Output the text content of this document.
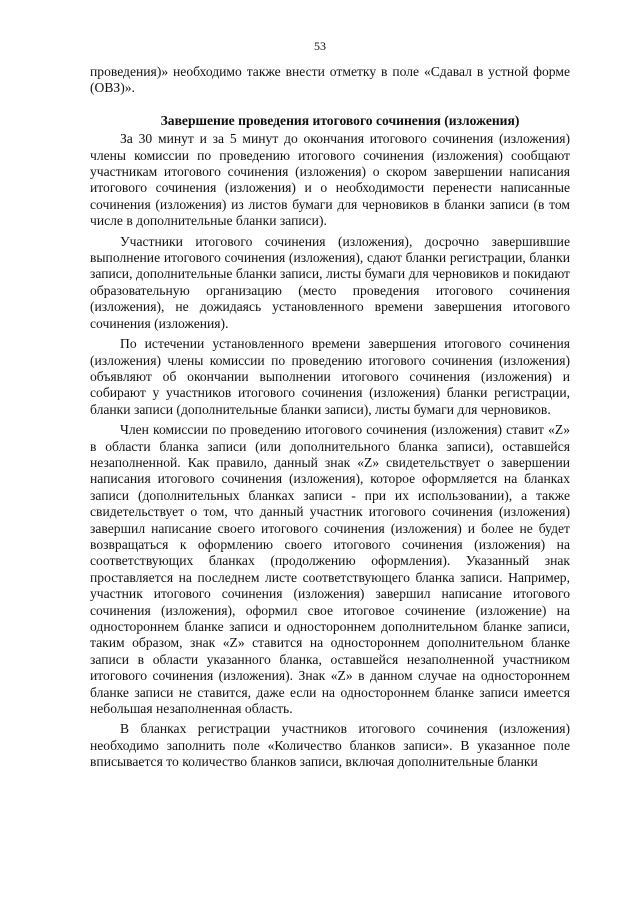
53

проведения)» необходимо также внести отметку в поле «Сдавал в устной форме (ОВЗ)».

Завершение проведения итогового сочинения (изложения)

За 30 минут и за 5 минут до окончания итогового сочинения (изложения) члены комиссии по проведению итогового сочинения (изложения) сообщают участникам итогового сочинения (изложения) о скором завершении написания итогового сочинения (изложения) и о необходимости перенести написанные сочинения (изложения) из листов бумаги для черновиков в бланки записи (в том числе в дополнительные бланки записи).

Участники итогового сочинения (изложения), досрочно завершившие выполнение итогового сочинения (изложения), сдают бланки регистрации, бланки записи, дополнительные бланки записи, листы бумаги для черновиков и покидают образовательную организацию (место проведения итогового сочинения (изложения), не дожидаясь установленного времени завершения итогового сочинения (изложения).

По истечении установленного времени завершения итогового сочинения (изложения) члены комиссии по проведению итогового сочинения (изложения) объявляют об окончании выполнении итогового сочинения (изложения) и собирают у участников итогового сочинения (изложения) бланки регистрации, бланки записи (дополнительные бланки записи), листы бумаги для черновиков.

Член комиссии по проведению итогового сочинения (изложения) ставит «Z» в области бланка записи (или дополнительного бланка записи), оставшейся незаполненной. Как правило, данный знак «Z» свидетельствует о завершении написания итогового сочинения (изложения), которое оформляется на бланках записи (дополнительных бланках записи - при их использовании), а также свидетельствует о том, что данный участник итогового сочинения (изложения) завершил написание своего итогового сочинения (изложения) и более не будет возвращаться к оформлению своего итогового сочинения (изложения) на соответствующих бланках (продолжению оформления). Указанный знак проставляется на последнем листе соответствующего бланка записи. Например, участник итогового сочинения (изложения) завершил написание итогового сочинения (изложения), оформил свое итоговое сочинение (изложение) на одностороннем бланке записи и одностороннем дополнительном бланке записи, таким образом, знак «Z» ставится на одностороннем дополнительном бланке записи в области указанного бланка, оставшейся незаполненной участником итогового сочинения (изложения). Знак «Z» в данном случае на одностороннем бланке записи не ставится, даже если на одностороннем бланке записи имеется небольшая незаполненная область.

В бланках регистрации участников итогового сочинения (изложения) необходимо заполнить поле «Количество бланков записи». В указанное поле вписывается то количество бланков записи, включая дополнительные бланки
